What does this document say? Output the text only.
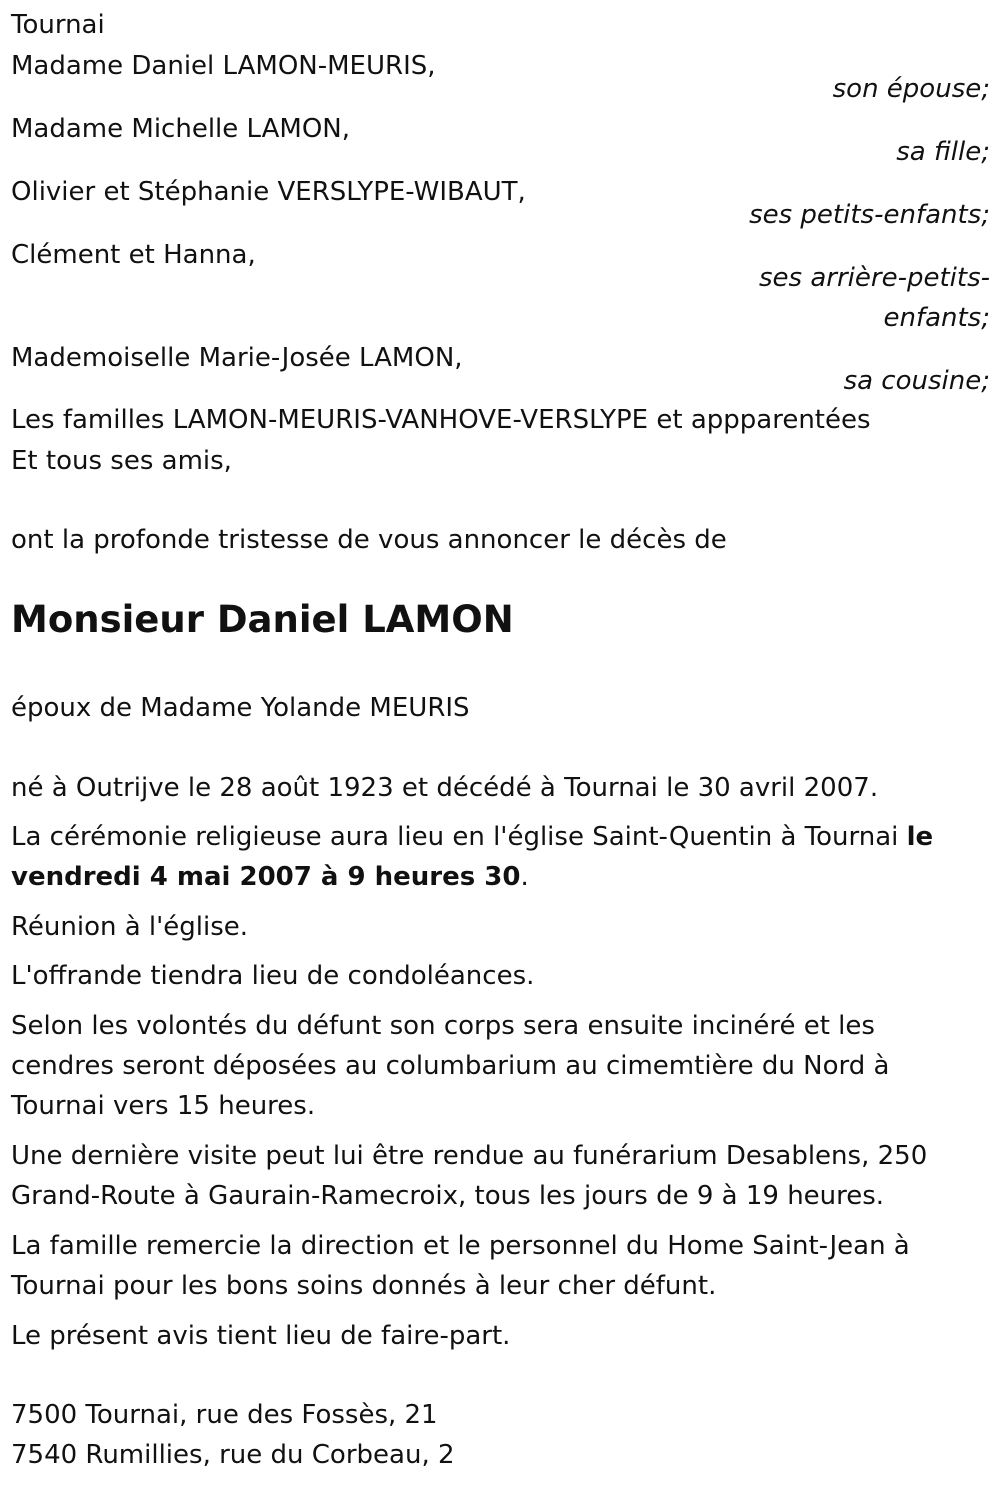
Tournai
Madame Daniel LAMON-MEURIS,
son épouse;
Madame Michelle LAMON,
sa fille;
Olivier et Stéphanie VERSLYPE-WIBAUT,
ses petits-enfants;
Clément et Hanna,
ses arrière-petits-
enfants;
Mademoiselle Marie-Josée LAMON,
sa cousine;
Les familles LAMON-MEURIS-VANHOVE-VERSLYPE et appparentées
Et tous ses amis,
ont la profonde tristesse de vous annoncer le décès de
Monsieur Daniel LAMON
époux de Madame Yolande MEURIS
né à Outrijve le 28 août 1923 et décédé à Tournai le 30 avril 2007.
La cérémonie religieuse aura lieu en l'église Saint-Quentin à Tournai le vendredi 4 mai 2007 à 9 heures 30.
Réunion à l'église.
L'offrande tiendra lieu de condoléances.
Selon les volontés du défunt son corps sera ensuite incinéré et les cendres seront déposées au columbarium au cimemtière du Nord à Tournai vers 15 heures.
Une dernière visite peut lui être rendue au funérarium Desablens, 250 Grand-Route à Gaurain-Ramecroix, tous les jours de 9 à 19 heures.
La famille remercie la direction et le personnel du Home Saint-Jean à Tournai pour les bons soins donnés à leur cher défunt.
Le présent avis tient lieu de faire-part.
7500 Tournai, rue des Fossès, 21
7540 Rumillies, rue du Corbeau, 2
